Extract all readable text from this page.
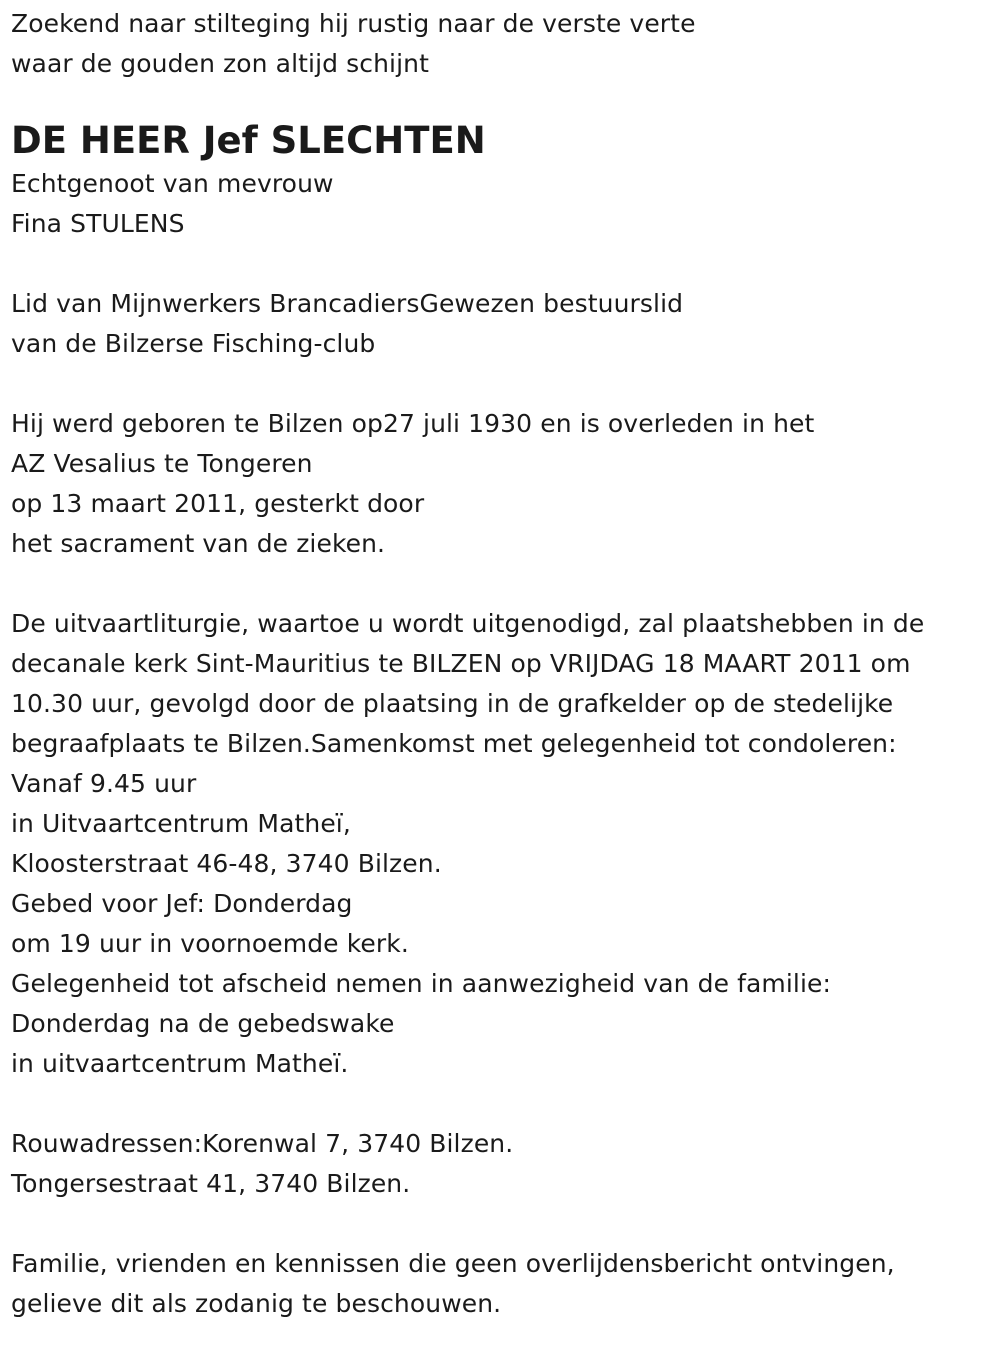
Zoekend naar stilteging hij rustig naar de verste verte
waar de gouden zon altijd schijnt
DE HEER Jef SLECHTEN
Echtgenoot van mevrouw
Fina STULENS
Lid van Mijnwerkers BrancadiersGewezen bestuurslid
van de Bilzerse Fisching-club
Hij werd geboren te Bilzen op27 juli 1930 en is overleden in het
AZ Vesalius te Tongeren
op 13 maart 2011, gesterkt door
het sacrament van de zieken.
De uitvaartliturgie, waartoe u wordt uitgenodigd, zal plaatshebben in de
decanale kerk Sint-Mauritius te BILZEN op VRIJDAG 18 MAART 2011 om
10.30 uur, gevolgd door de plaatsing in de grafkelder op de stedelijke
begraafplaats te Bilzen.Samenkomst met gelegenheid tot condoleren:
Vanaf 9.45 uur
in Uitvaartcentrum Matheï,
Kloosterstraat 46-48, 3740 Bilzen.
Gebed voor Jef: Donderdag
om 19 uur in voornoemde kerk.
Gelegenheid tot afscheid nemen in aanwezigheid van de familie:
Donderdag na de gebedswake
in uitvaartcentrum Matheï.
Rouwadressen:Korenwal 7, 3740 Bilzen.
Tongersestraat 41, 3740 Bilzen.
Familie, vrienden en kennissen die geen overlijdensbericht ontvingen,
gelieve dit als zodanig te beschouwen.
